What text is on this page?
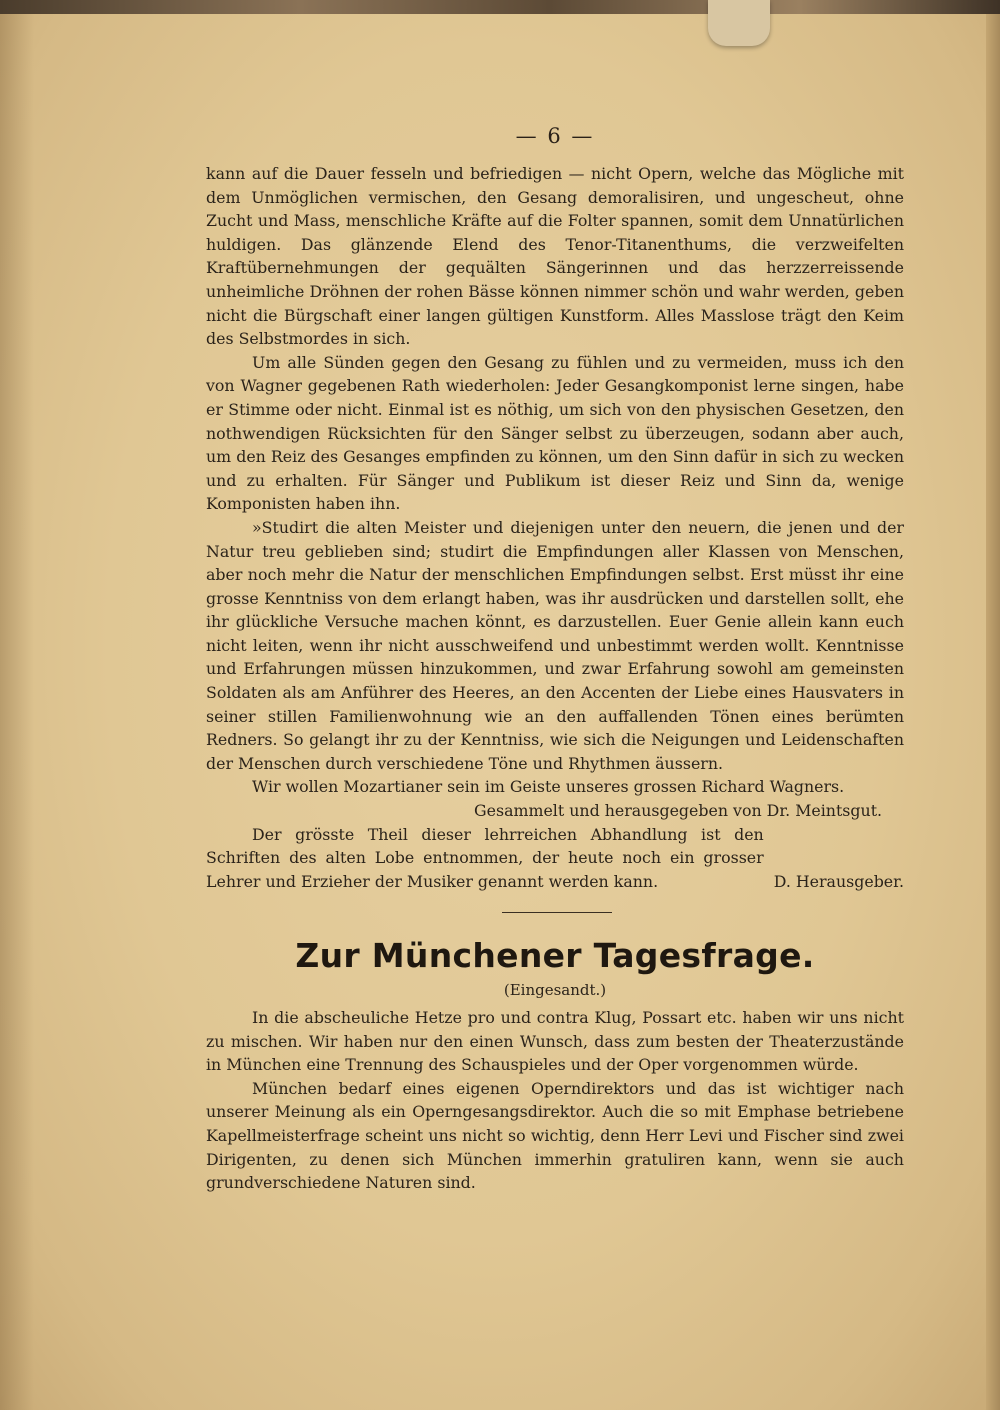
— 6 —

kann auf die Dauer fesseln und befriedigen — nicht Opern, welche das Mögliche mit dem Unmöglichen vermischen, den Gesang demoralisiren, und ungescheut, ohne Zucht und Mass, menschliche Kräfte auf die Folter spannen, somit dem Unnatürlichen huldigen. Das glänzende Elend des Tenor-Titanenthums, die verzweifelten Kraftübernehmungen der gequälten Sängerinnen und das herzzerreissende unheimliche Dröhnen der rohen Bässe können nimmer schön und wahr werden, geben nicht die Bürgschaft einer langen gültigen Kunstform. Alles Masslose trägt den Keim des Selbstmordes in sich.

Um alle Sünden gegen den Gesang zu fühlen und zu vermeiden, muss ich den von Wagner gegebenen Rath wiederholen: Jeder Gesangkomponist lerne singen, habe er Stimme oder nicht. Einmal ist es nöthig, um sich von den physischen Gesetzen, den nothwendigen Rücksichten für den Sänger selbst zu überzeugen, sodann aber auch, um den Reiz des Gesanges empfinden zu können, um den Sinn dafür in sich zu wecken und zu erhalten. Für Sänger und Publikum ist dieser Reiz und Sinn da, wenige Komponisten haben ihn.

»Studirt die alten Meister und diejenigen unter den neuern, die jenen und der Natur treu geblieben sind; studirt die Empfindungen aller Klassen von Menschen, aber noch mehr die Natur der menschlichen Empfindungen selbst. Erst müsst ihr eine grosse Kenntniss von dem erlangt haben, was ihr ausdrücken und darstellen sollt, ehe ihr glückliche Versuche machen könnt, es darzustellen. Euer Genie allein kann euch nicht leiten, wenn ihr nicht ausschweifend und unbestimmt werden wollt. Kenntnisse und Erfahrungen müssen hinzukommen, und zwar Erfahrung sowohl am gemeinsten Soldaten als am Anführer des Heeres, an den Accenten der Liebe eines Hausvaters in seiner stillen Familienwohnung wie an den auffallenden Tönen eines berümten Redners. So gelangt ihr zu der Kenntniss, wie sich die Neigungen und Leidenschaften der Menschen durch verschiedene Töne und Rhythmen äussern.

Wir wollen Mozartianer sein im Geiste unseres grossen Richard Wagners.

Gesammelt und herausgegeben von Dr. Meintsgut.

Der grösste Theil dieser lehrreichen Abhandlung ist den Schriften des alten Lobe entnommen, der heute noch ein grosser Lehrer und Erzieher der Musiker genannt werden kann.	D. Herausgeber.
Zur Münchener Tagesfrage.
(Eingesandt.)

In die abscheuliche Hetze pro und contra Klug, Possart etc. haben wir uns nicht zu mischen. Wir haben nur den einen Wunsch, dass zum besten der Theaterzustände in München eine Trennung des Schauspieles und der Oper vorgenommen würde.

München bedarf eines eigenen Operndirektors und das ist wichtiger nach unserer Meinung als ein Operngesangsdirektor. Auch die so mit Emphase betriebene Kapellmeisterfrage scheint uns nicht so wichtig, denn Herr Levi und Fischer sind zwei Dirigenten, zu denen sich München immerhin gratuliren kann, wenn sie auch grundverschiedene Naturen sind.
